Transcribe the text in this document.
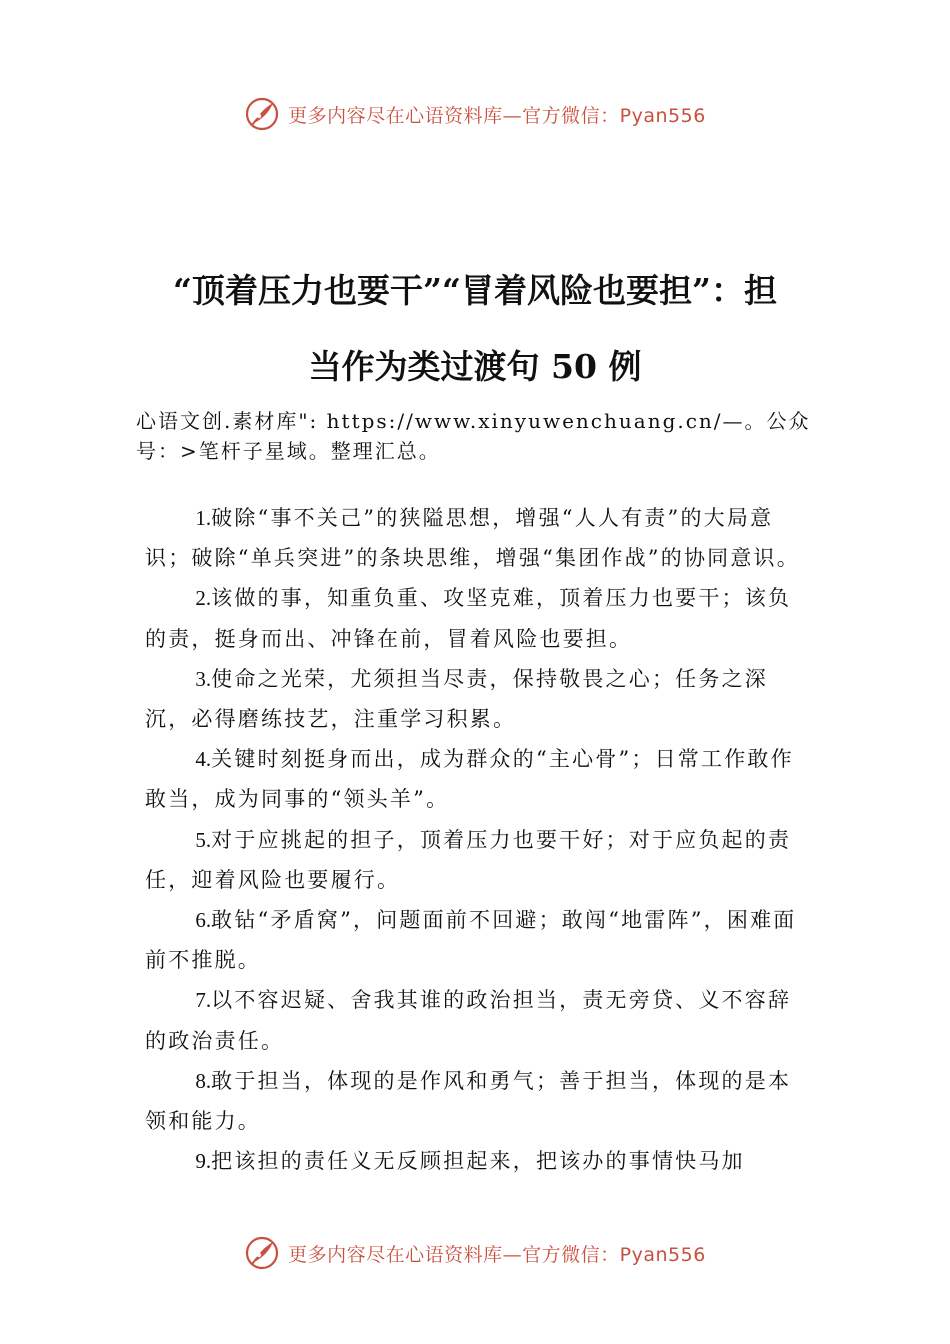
更多内容尽在心语资料库—官方微信：Pyan556
“顶着压力也要干”“冒着风险也要担”：担
当作为类过渡句 50 例

心语文创.素材库": https://www.xinyuwenchuang.cn/—。公众号：>笔杆子星域。整理汇总。

1.破除“事不关己”的狭隘思想，增强“人人有责”的大局意识；破除“单兵突进”的条块思维，增强“集团作战”的协同意识。
2.该做的事，知重负重、攻坚克难，顶着压力也要干；该负的责，挺身而出、冲锋在前，冒着风险也要担。
3.使命之光荣，尤须担当尽责，保持敬畏之心；任务之深沉，必得磨练技艺，注重学习积累。
4.关键时刻挺身而出，成为群众的“主心骨”；日常工作敢作敢当，成为同事的“领头羊”。
5.对于应挑起的担子，顶着压力也要干好；对于应负起的责任，迎着风险也要履行。
6.敢钻“矛盾窝”，问题面前不回避；敢闯“地雷阵”，困难面前不推脱。
7.以不容迟疑、舍我其谁的政治担当，责无旁贷、义不容辞的政治责任。
8.敢于担当，体现的是作风和勇气；善于担当，体现的是本领和能力。
9.把该担的责任义无反顾担起来，把该办的事情快马加
更多内容尽在心语资料库—官方微信：Pyan556
